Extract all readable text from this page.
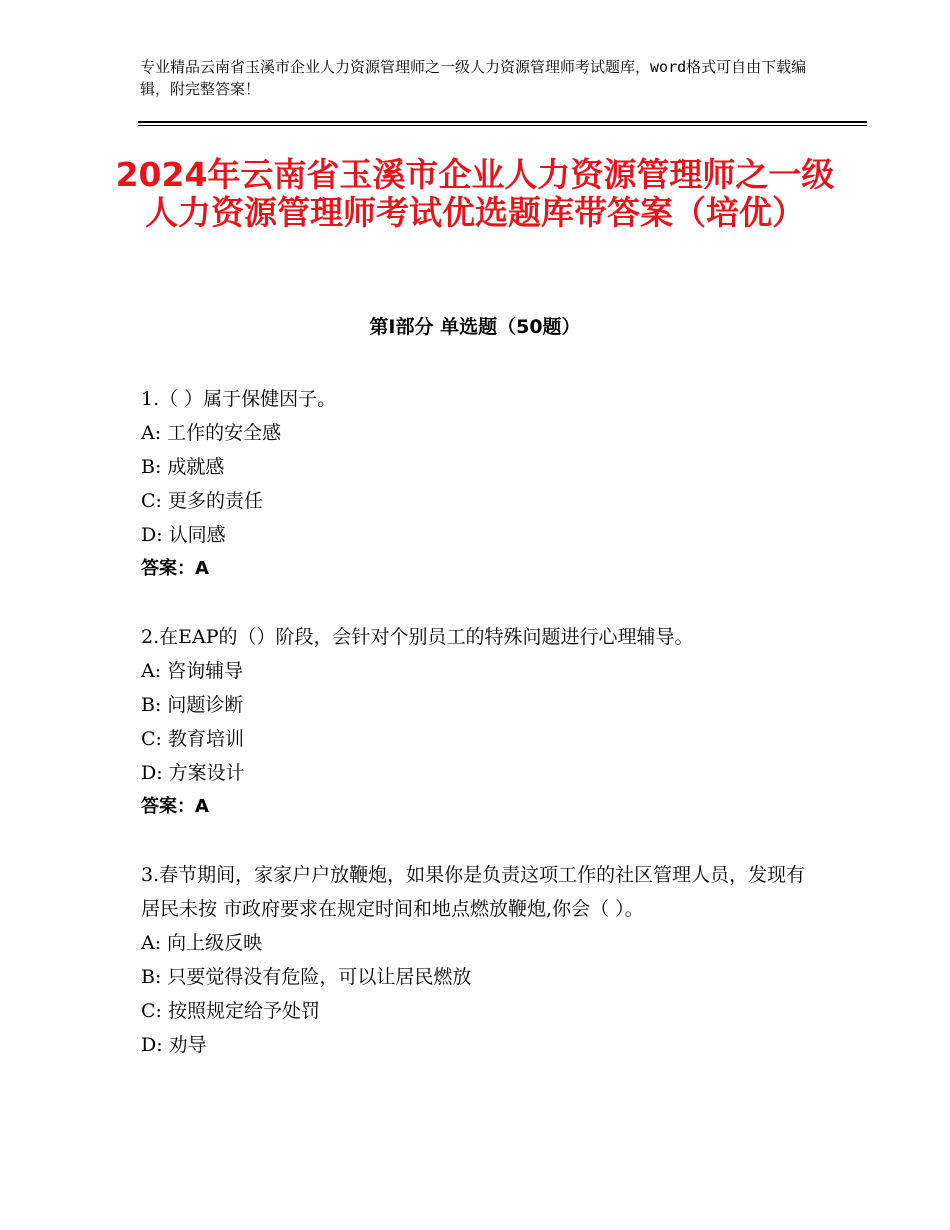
专业精品云南省玉溪市企业人力资源管理师之一级人力资源管理师考试题库，word格式可自由下载编辑，附完整答案！
2024年云南省玉溪市企业人力资源管理师之一级人力资源管理师考试优选题库带答案（培优）
第Ⅰ部分 单选题（50题）
1.（ ）属于保健因子。
A: 工作的安全感
B: 成就感
C: 更多的责任
D: 认同感
答案：A
2.在EAP的（）阶段，会针对个别员工的特殊问题进行心理辅导。
A: 咨询辅导
B: 问题诊断
C: 教育培训
D: 方案设计
答案：A
3.春节期间，家家户户放鞭炮，如果你是负责这项工作的社区管理人员，发现有居民未按 市政府要求在规定时间和地点燃放鞭炮,你会（ ）。
A: 向上级反映
B: 只要觉得没有危险，可以让居民燃放
C: 按照规定给予处罚
D: 劝导
